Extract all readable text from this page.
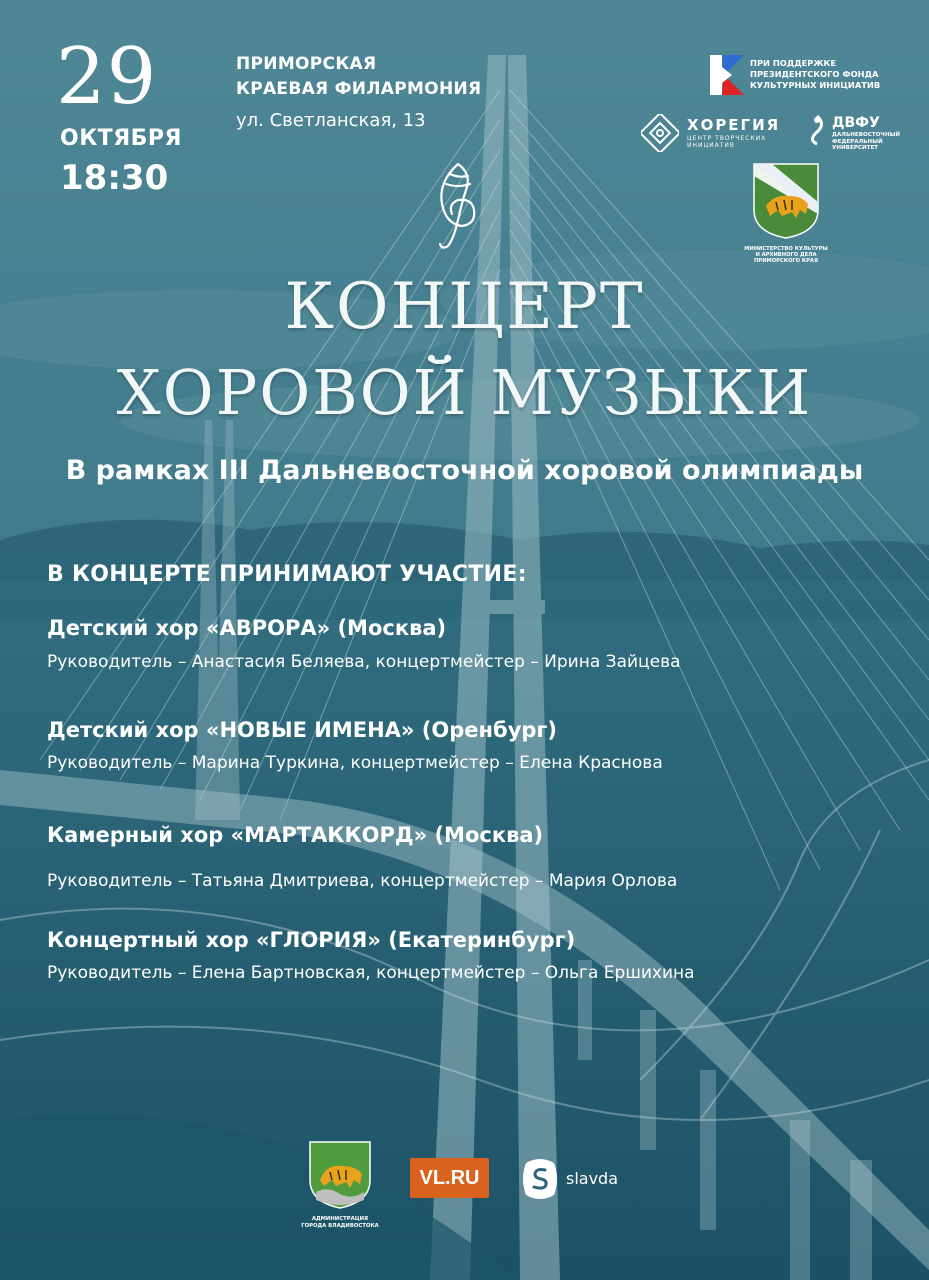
29
ОКТЯБРЯ
18:30
ПРИМОРСКАЯ
КРАЕВАЯ ФИЛАРМОНИЯ
ул. Светланская, 13
ПРИ ПОДДЕРЖКЕ
ПРЕЗИДЕНТСКОГО ФОНДА
КУЛЬТУРНЫХ ИНИЦИАТИВ
ХОРЕГИЯ
ЦЕНТР ТВОРЧЕСКИХ
ИНИЦИАТИВ
ДВФУ
ДАЛЬНЕВОСТОЧНЫЙ
ФЕДЕРАЛЬНЫЙ
УНИВЕРСИТЕТ
МИНИСТЕРСТВО КУЛЬТУРЫ
И АРХИВНОГО ДЕЛА
ПРИМОРСКОГО КРАЯ
КОНЦЕРТ
ХОРОВОЙ МУЗЫКИ
В рамках III Дальневосточной хоровой олимпиады
В КОНЦЕРТЕ ПРИНИМАЮТ УЧАСТИЕ:
Детский хор «АВРОРА» (Москва)
Руководитель – Анастасия Беляева, концертмейстер – Ирина Зайцева
Детский хор «НОВЫЕ ИМЕНА» (Оренбург)
Руководитель – Марина Туркина, концертмейстер – Елена Краснова
Камерный хор «МАРТАККОРД» (Москва)
Руководитель – Татьяна Дмитриева, концертмейстер – Мария Орлова
Концертный хор «ГЛОРИЯ» (Екатеринбург)
Руководитель – Елена Бартновская, концертмейстер – Ольга Ершихина
АДМИНИСТРАЦИЯ
ГОРОДА ВЛАДИВОСТОКА
VL.RU	slavda
